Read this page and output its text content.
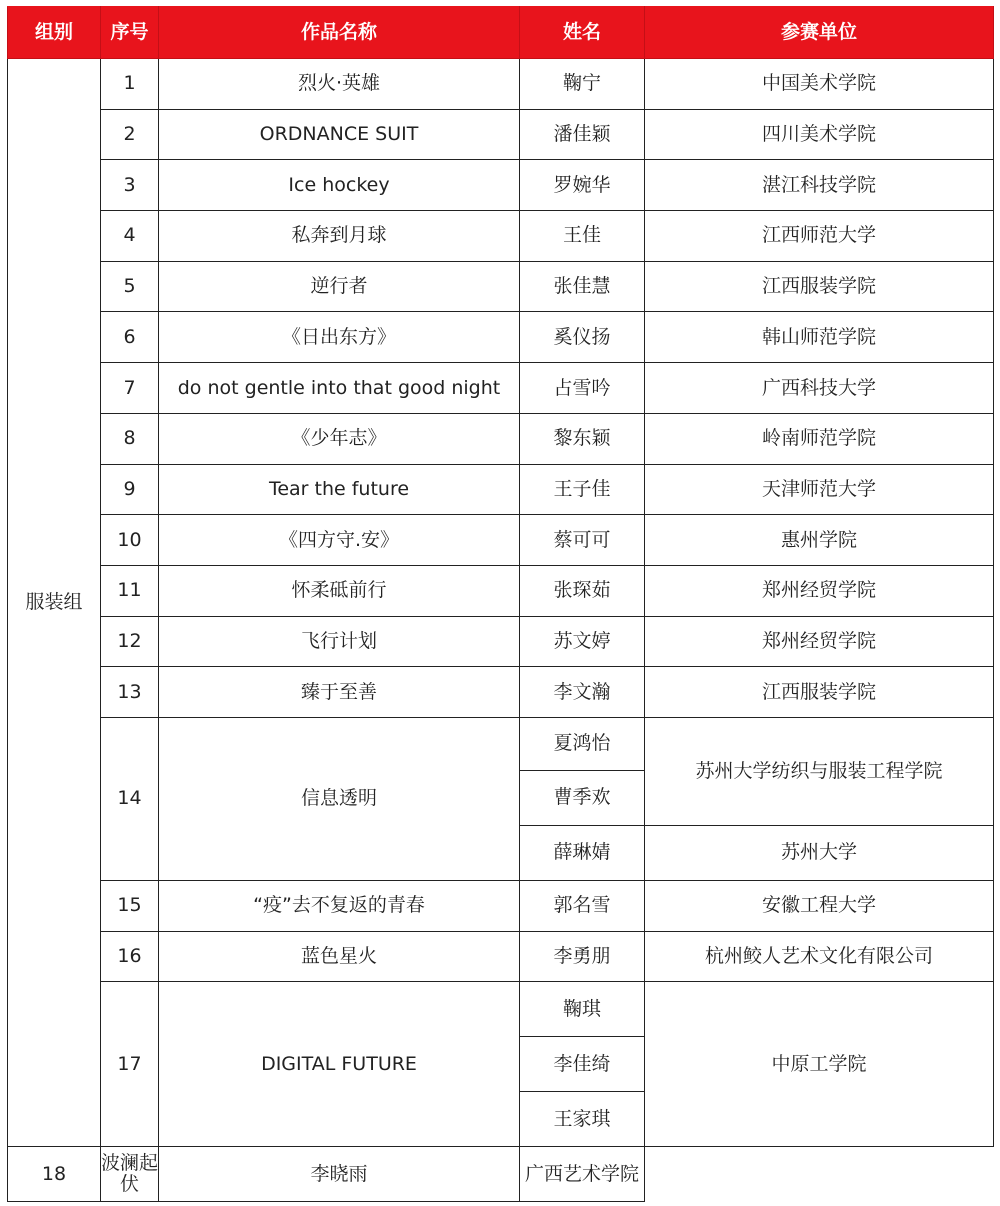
组别	序号	作品名称	姓名	参赛单位
服装组	1	烈火·英雄	鞠宁	中国美术学院
	2	ORDNANCE SUIT	潘佳颖	四川美术学院
	3	Ice hockey	罗婉华	湛江科技学院
	4	私奔到月球	王佳	江西师范大学
	5	逆行者	张佳慧	江西服装学院
	6	《日出东方》	奚仪扬	韩山师范学院
	7	do not gentle into that good night	占雪吟	广西科技大学
	8	《少年志》	黎东颖	岭南师范学院
	9	Tear the future	王子佳	天津师范大学
	10	《四方守.安》	蔡可可	惠州学院
	11	怀柔砥前行	张琛茹	郑州经贸学院
	12	飞行计划	苏文婷	郑州经贸学院
	13	臻于至善	李文瀚	江西服装学院
	14	信息透明	夏鸿怡	苏州大学纺织与服装工程学院
			曹季欢	
			薛琳婧	苏州大学
	15	“疫”去不复返的青春	郭名雪	安徽工程大学
	16	蓝色星火	李勇朋	杭州鲛人艺术文化有限公司
	17	DIGITAL FUTURE	鞠琪	中原工学院
			李佳绮	
			王家琪	
18	波澜起伏	李晓雨	广西艺术学院	
